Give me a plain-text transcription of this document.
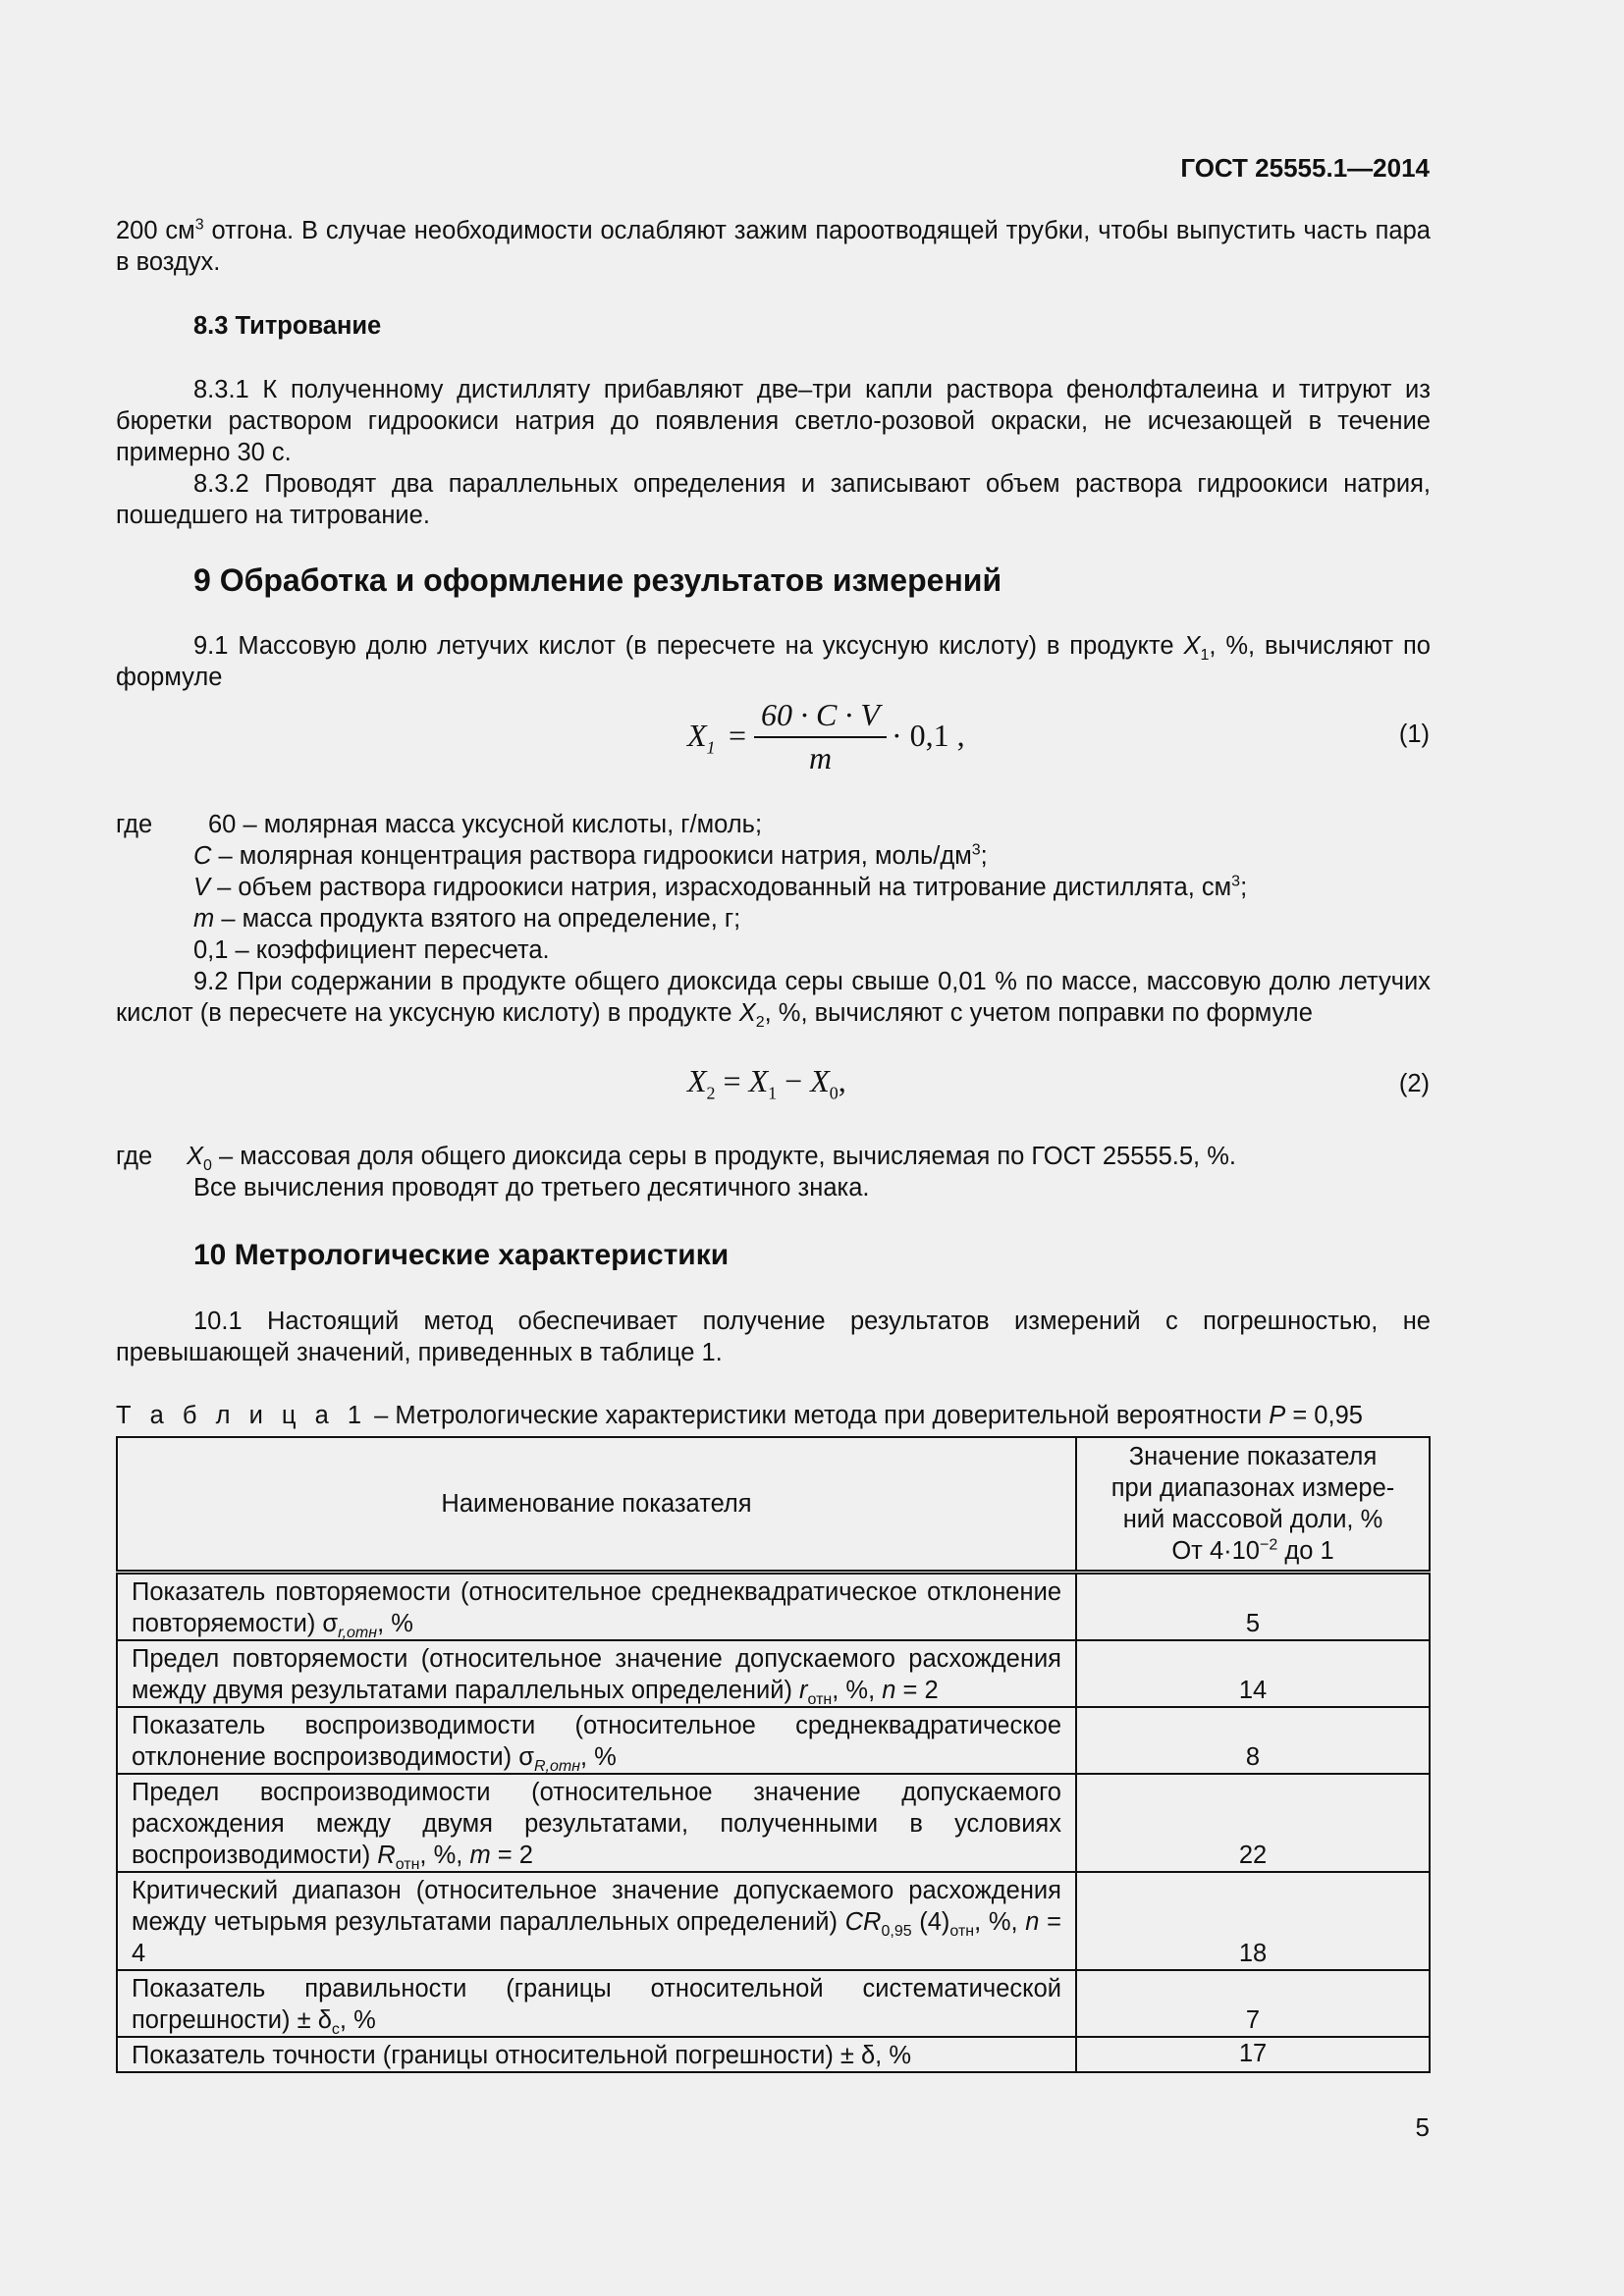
ГОСТ 25555.1—2014
200 $см^3$ отгона. В случае необходимости ослабляют зажим пароотводящей трубки, чтобы выпустить часть пара в воздух.
8.3 Титрование
8.3.1 К полученному дистилляту прибавляют две–три капли раствора фенолфталеина и титруют из бюретки раствором гидроокиси натрия до появления светло-розовой окраски, не исчезающей в течение примерно 30 с.
8.3.2 Проводят два параллельных определения и записывают объем раствора гидроокиси натрия, пошедшего на титрование.
9 Обработка и оформление результатов измерений
9.1 Массовую долю летучих кислот (в пересчете на уксусную кислоту) в продукте $X_1$, %, вычисляют по формуле
$X_1$ =
60 · C · V
m
· 0,1 ,	(1)
где 60 – молярная масса уксусной кислоты, г/моль;
C – молярная концентрация раствора гидроокиси натрия, моль/$дм^3$;
V – объем раствора гидроокиси натрия, израсходованный на титрование дистиллята, $см^3$;
m – масса продукта взятого на определение, г;
0,1 – коэффициент пересчета.
9.2 При содержании в продукте общего диоксида серы свыше 0,01 % по массе, массовую долю летучих кислот (в пересчете на уксусную кислоту) в продукте $X_2$, %, вычисляют с учетом поправки по формуле
$X_2 = X_1 - X_0$,	(2)
где $X_0$ – массовая доля общего диоксида серы в продукте, вычисляемая по ГОСТ 25555.5, %.
Все вычисления проводят до третьего десятичного знака.
10 Метрологические характеристики
10.1 Настоящий метод обеспечивает получение результатов измерений с погрешностью, не превышающей значений, приведенных в таблице 1.
Т а б л и ц а 1 – Метрологические характеристики метода при доверительной вероятности P = 0,95
Наименование показателя	Значение показателя
при диапазонах измере-
ний массовой доли, %
От $4\cdot 10^{-2}$ до 1

Показатель повторяемости (относительное среднеквадратическое отклонение повторяемости) $\sigma_{r,отн}$, %	5
Предел повторяемости (относительное значение допускаемого расхождения между двумя результатами параллельных определений) $r_{отн}$, %, n = 2	14
Показатель воспроизводимости (относительное среднеквадратическое отклонение воспроизводимости) $\sigma_{R,отн}$, %	8
Предел воспроизводимости (относительное значение допускаемого расхождения между двумя результатами, полученными в условиях воспроизводимости) $R_{отн}$, %, m = 2	22
Критический диапазон (относительное значение допускаемого расхождения между четырьмя результатами параллельных определений) $CR_{0,95}$ $(4)_{отн}$, %, n = 4	18
Показатель правильности (границы относительной систематической погрешности) ± $\delta_c$, %	7
Показатель точности (границы относительной погрешности) ± δ, %	17
5
